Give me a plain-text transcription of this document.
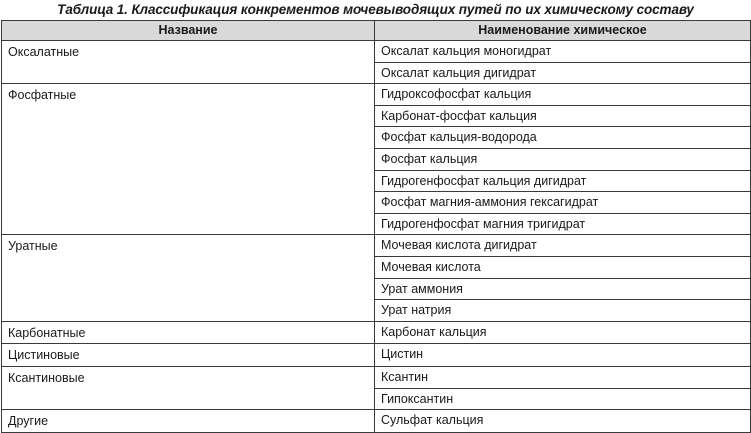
Таблица 1. Классификация конкрементов мочевыводящих путей по их химическому составу
Название	Наименование химическое
Оксалатные	Оксалат кальция моногидрат
	Оксалат кальция дигидрат
Фосфатные	Гидроксофосфат кальция
	Карбонат-фосфат кальция
	Фосфат кальция-водорода
	Фосфат кальция
	Гидрогенфосфат кальция дигидрат
	Фосфат магния-аммония гексагидрат
	Гидрогенфосфат магния тригидрат
Уратные	Мочевая кислота дигидрат
	Мочевая кислота
	Урат аммония
	Урат натрия
Карбонатные	Карбонат кальция
Цистиновые	Цистин
Ксантиновые	Ксантин
	Гипоксантин
Другие	Сульфат кальция
